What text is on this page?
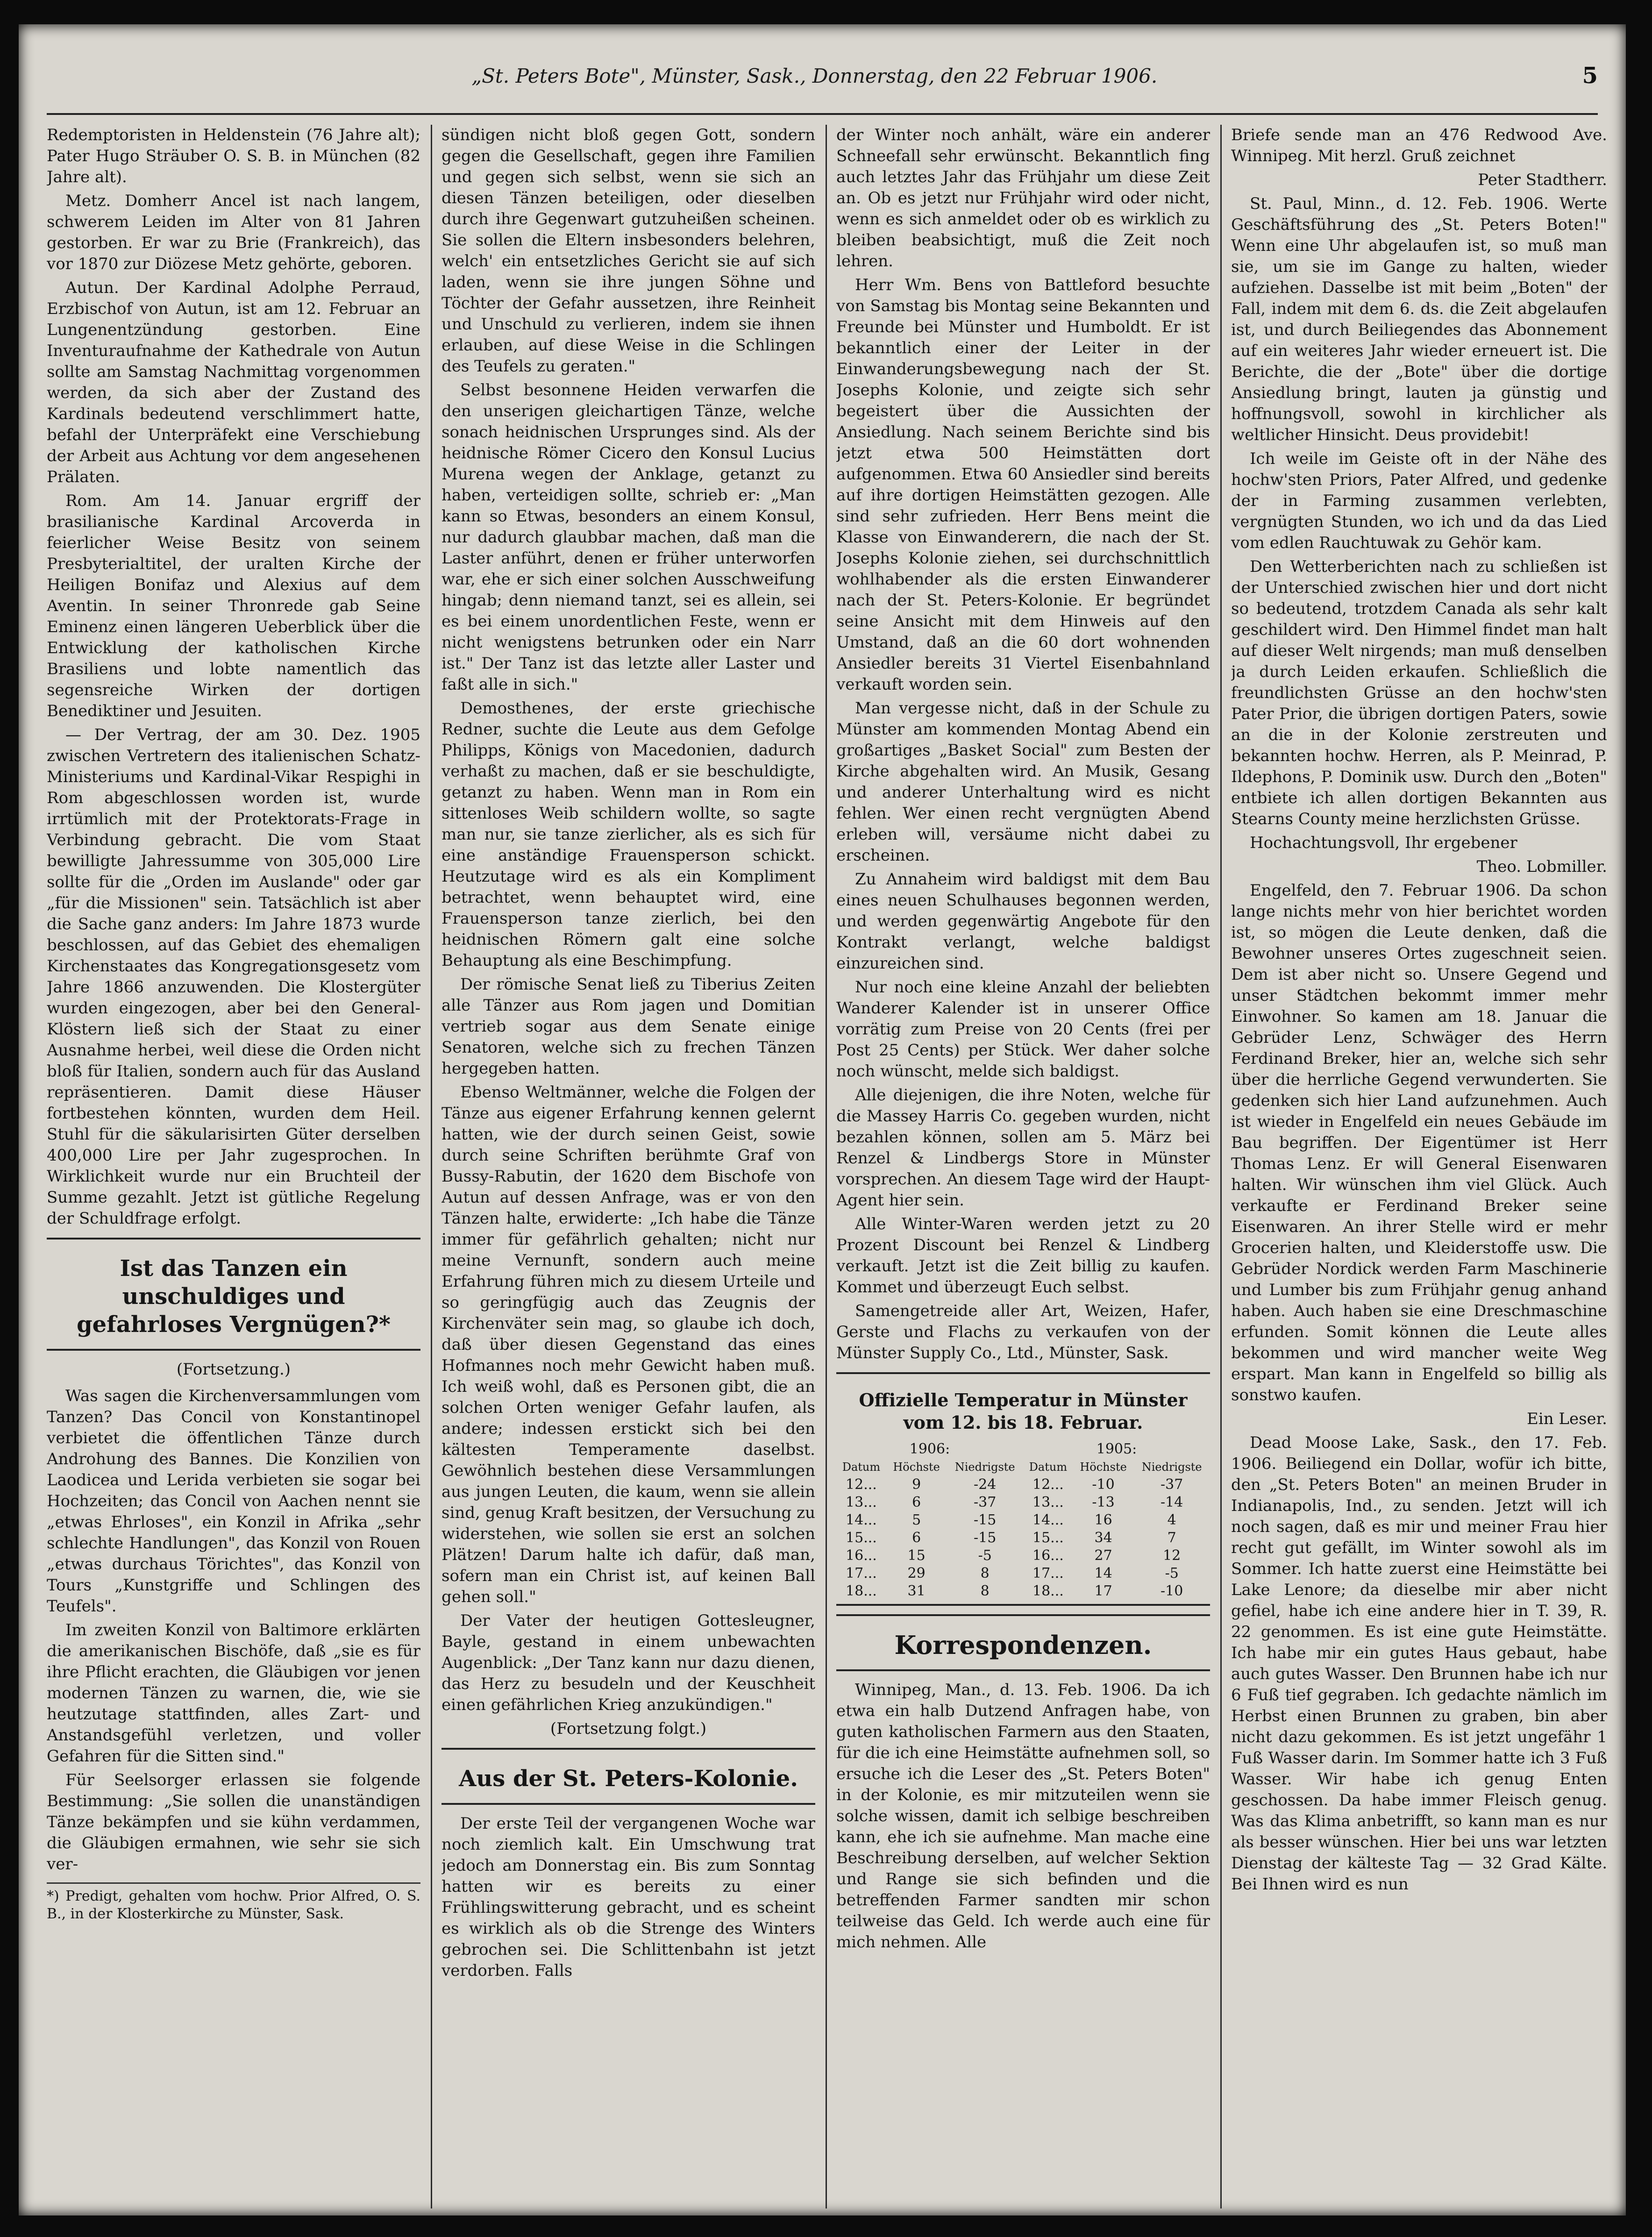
„St. Peters Bote", Münster, Sask., Donnerstag, den 22 Februar 1906.	5

Redemptoristen in Heldenstein (76 Jahre alt); Pater Hugo Sträuber O. S. B. in München (82 Jahre alt).

Metz. Domherr Ancel ist nach langem, schwerem Leiden im Alter von 81 Jahren gestorben. Er war zu Brie (Frankreich), das vor 1870 zur Diözese Metz gehörte, geboren.

Autun. Der Kardinal Adolphe Perraud, Erzbischof von Autun, ist am 12. Februar an Lungenentzündung gestorben. Eine Inventuraufnahme der Kathedrale von Autun sollte am Samstag Nachmittag vorgenommen werden, da sich aber der Zustand des Kardinals bedeutend verschlimmert hatte, befahl der Unterpräfekt eine Verschiebung der Arbeit aus Achtung vor dem angesehenen Prälaten.

Rom. Am 14. Januar ergriff der brasilianische Kardinal Arcoverda in feierlicher Weise Besitz von seinem Presbyterialtitel, der uralten Kirche der Heiligen Bonifaz und Alexius auf dem Aventin. In seiner Thronrede gab Seine Eminenz einen längeren Ueberblick über die Entwicklung der katholischen Kirche Brasiliens und lobte namentlich das segensreiche Wirken der dortigen Benediktiner und Jesuiten.

— Der Vertrag, der am 30. Dez. 1905 zwischen Vertretern des italienischen Schatz-Ministeriums und Kardinal-Vikar Respighi in Rom abgeschlossen worden ist, wurde irrtümlich mit der Protektorats-Frage in Verbindung gebracht. Die vom Staat bewilligte Jahressumme von 305,000 Lire sollte für die „Orden im Auslande" oder gar „für die Missionen" sein. Tatsächlich ist aber die Sache ganz anders: Im Jahre 1873 wurde beschlossen, auf das Gebiet des ehemaligen Kirchenstaates das Kongregationsgesetz vom Jahre 1866 anzuwenden. Die Klostergüter wurden eingezogen, aber bei den General-Klöstern ließ sich der Staat zu einer Ausnahme herbei, weil diese die Orden nicht bloß für Italien, sondern auch für das Ausland repräsentieren. Damit diese Häuser fortbestehen könnten, wurden dem Heil. Stuhl für die säkularisirten Güter derselben 400,000 Lire per Jahr zugesprochen. In Wirklichkeit wurde nur ein Bruchteil der Summe gezahlt. Jetzt ist gütliche Regelung der Schuldfrage erfolgt.

Ist das Tanzen ein unschuldiges und gefahrloses Vergnügen?*

(Fortsetzung.)

Was sagen die Kirchenversammlungen vom Tanzen? Das Concil von Konstantinopel verbietet die öffentlichen Tänze durch Androhung des Bannes. Die Konzilien von Laodicea und Lerida verbieten sie sogar bei Hochzeiten; das Concil von Aachen nennt sie „etwas Ehrloses", ein Konzil in Afrika „sehr schlechte Handlungen", das Konzil von Rouen „etwas durchaus Törichtes", das Konzil von Tours „Kunstgriffe und Schlingen des Teufels".

Im zweiten Konzil von Baltimore erklärten die amerikanischen Bischöfe, daß „sie es für ihre Pflicht erachten, die Gläubigen vor jenen modernen Tänzen zu warnen, die, wie sie heutzutage stattfinden, alles Zart- und Anstandsgefühl verletzen, und voller Gefahren für die Sitten sind."

Für Seelsorger erlassen sie folgende Bestimmung: „Sie sollen die unanständigen Tänze bekämpfen und sie kühn verdammen, die Gläubigen ermahnen, wie sehr sie sich ver-

*) Predigt, gehalten vom hochw. Prior Alfred, O. S. B., in der Klosterkirche zu Münster, Sask.

sündigen nicht bloß gegen Gott, sondern gegen die Gesellschaft, gegen ihre Familien und gegen sich selbst, wenn sie sich an diesen Tänzen beteiligen, oder dieselben durch ihre Gegenwart gutzuheißen scheinen. Sie sollen die Eltern insbesonders belehren, welch' ein entsetzliches Gericht sie auf sich laden, wenn sie ihre jungen Söhne und Töchter der Gefahr aussetzen, ihre Reinheit und Unschuld zu verlieren, indem sie ihnen erlauben, auf diese Weise in die Schlingen des Teufels zu geraten."

Selbst besonnene Heiden verwarfen die den unserigen gleichartigen Tänze, welche sonach heidnischen Ursprunges sind. Als der heidnische Römer Cicero den Konsul Lucius Murena wegen der Anklage, getanzt zu haben, verteidigen sollte, schrieb er: „Man kann so Etwas, besonders an einem Konsul, nur dadurch glaubbar machen, daß man die Laster anführt, denen er früher unterworfen war, ehe er sich einer solchen Ausschweifung hingab; denn niemand tanzt, sei es allein, sei es bei einem unordentlichen Feste, wenn er nicht wenigstens betrunken oder ein Narr ist." Der Tanz ist das letzte aller Laster und faßt alle in sich."

Demosthenes, der erste griechische Redner, suchte die Leute aus dem Gefolge Philipps, Königs von Macedonien, dadurch verhaßt zu machen, daß er sie beschuldigte, getanzt zu haben. Wenn man in Rom ein sittenloses Weib schildern wollte, so sagte man nur, sie tanze zierlicher, als es sich für eine anständige Frauensperson schickt. Heutzutage wird es als ein Kompliment betrachtet, wenn behauptet wird, eine Frauensperson tanze zierlich, bei den heidnischen Römern galt eine solche Behauptung als eine Beschimpfung.

Der römische Senat ließ zu Tiberius Zeiten alle Tänzer aus Rom jagen und Domitian vertrieb sogar aus dem Senate einige Senatoren, welche sich zu frechen Tänzen hergegeben hatten.

Ebenso Weltmänner, welche die Folgen der Tänze aus eigener Erfahrung kennen gelernt hatten, wie der durch seinen Geist, sowie durch seine Schriften berühmte Graf von Bussy-Rabutin, der 1620 dem Bischofe von Autun auf dessen Anfrage, was er von den Tänzen halte, erwiderte: „Ich habe die Tänze immer für gefährlich gehalten; nicht nur meine Vernunft, sondern auch meine Erfahrung führen mich zu diesem Urteile und so geringfügig auch das Zeugnis der Kirchenväter sein mag, so glaube ich doch, daß über diesen Gegenstand das eines Hofmannes noch mehr Gewicht haben muß. Ich weiß wohl, daß es Personen gibt, die an solchen Orten weniger Gefahr laufen, als andere; indessen erstickt sich bei den kältesten Temperamente daselbst. Gewöhnlich bestehen diese Versammlungen aus jungen Leuten, die kaum, wenn sie allein sind, genug Kraft besitzen, der Versuchung zu widerstehen, wie sollen sie erst an solchen Plätzen! Darum halte ich dafür, daß man, sofern man ein Christ ist, auf keinen Ball gehen soll."

Der Vater der heutigen Gottesleugner, Bayle, gestand in einem unbewachten Augenblick: „Der Tanz kann nur dazu dienen, das Herz zu besudeln und der Keuschheit einen gefährlichen Krieg anzukündigen."

(Fortsetzung folgt.)

Aus der St. Peters-Kolonie.

Der erste Teil der vergangenen Woche war noch ziemlich kalt. Ein Umschwung trat jedoch am Donnerstag ein. Bis zum Sonntag hatten wir es bereits zu einer Frühlingswitterung gebracht, und es scheint es wirklich als ob die Strenge des Winters gebrochen sei. Die Schlittenbahn ist jetzt verdorben. Falls

der Winter noch anhält, wäre ein anderer Schneefall sehr erwünscht. Bekanntlich fing auch letztes Jahr das Frühjahr um diese Zeit an. Ob es jetzt nur Frühjahr wird oder nicht, wenn es sich anmeldet oder ob es wirklich zu bleiben beabsichtigt, muß die Zeit noch lehren.

Herr Wm. Bens von Battleford besuchte von Samstag bis Montag seine Bekannten und Freunde bei Münster und Humboldt. Er ist bekanntlich einer der Leiter in der Einwanderungsbewegung nach der St. Josephs Kolonie, und zeigte sich sehr begeistert über die Aussichten der Ansiedlung. Nach seinem Berichte sind bis jetzt etwa 500 Heimstätten dort aufgenommen. Etwa 60 Ansiedler sind bereits auf ihre dortigen Heimstätten gezogen. Alle sind sehr zufrieden. Herr Bens meint die Klasse von Einwanderern, die nach der St. Josephs Kolonie ziehen, sei durchschnittlich wohlhabender als die ersten Einwanderer nach der St. Peters-Kolonie. Er begründet seine Ansicht mit dem Hinweis auf den Umstand, daß an die 60 dort wohnenden Ansiedler bereits 31 Viertel Eisenbahnland verkauft worden sein.

Man vergesse nicht, daß in der Schule zu Münster am kommenden Montag Abend ein großartiges „Basket Social" zum Besten der Kirche abgehalten wird. An Musik, Gesang und anderer Unterhaltung wird es nicht fehlen. Wer einen recht vergnügten Abend erleben will, versäume nicht dabei zu erscheinen.

Zu Annaheim wird baldigst mit dem Bau eines neuen Schulhauses begonnen werden, und werden gegenwärtig Angebote für den Kontrakt verlangt, welche baldigst einzureichen sind.

Nur noch eine kleine Anzahl der beliebten Wanderer Kalender ist in unserer Office vorrätig zum Preise von 20 Cents (frei per Post 25 Cents) per Stück. Wer daher solche noch wünscht, melde sich baldigst.

Alle diejenigen, die ihre Noten, welche für die Massey Harris Co. gegeben wurden, nicht bezahlen können, sollen am 5. März bei Renzel & Lindbergs Store in Münster vorsprechen. An diesem Tage wird der Haupt-Agent hier sein.

Alle Winter-Waren werden jetzt zu 20 Prozent Discount bei Renzel & Lindberg verkauft. Jetzt ist die Zeit billig zu kaufen. Kommet und überzeugt Euch selbst.

Samengetreide aller Art, Weizen, Hafer, Gerste und Flachs zu verkaufen von der Münster Supply Co., Ltd., Münster, Sask.

Offizielle Temperatur in Münster vom 12. bis 18. Februar.
1906:			1905:		
Datum	Höchste	Niedrigste	Datum	Höchste	Niedrigste
12...	9	-24	12...	-10	-37
13...	6	-37	13...	-13	-14
14...	5	-15	14...	16	4
15...	6	-15	15...	34	7
16...	15	-5	16...	27	12
17...	29	8	17...	14	-5
18...	31	8	18...	17	-10
Korrespondenzen.

Winnipeg, Man., d. 13. Feb. 1906. Da ich etwa ein halb Dutzend Anfragen habe, von guten katholischen Farmern aus den Staaten, für die ich eine Heimstätte aufnehmen soll, so ersuche ich die Leser des „St. Peters Boten" in der Kolonie, es mir mitzuteilen wenn sie solche wissen, damit ich selbige beschreiben kann, ehe ich sie aufnehme. Man mache eine Beschreibung derselben, auf welcher Sektion und Range sie sich befinden und die betreffenden Farmer sandten mir schon teilweise das Geld. Ich werde auch eine für mich nehmen. Alle

Briefe sende man an 476 Redwood Ave. Winnipeg. Mit herzl. Gruß zeichnet

Peter Stadtherr.

St. Paul, Minn., d. 12. Feb. 1906. Werte Geschäftsführung des „St. Peters Boten!" Wenn eine Uhr abgelaufen ist, so muß man sie, um sie im Gange zu halten, wieder aufziehen. Dasselbe ist mit beim „Boten" der Fall, indem mit dem 6. ds. die Zeit abgelaufen ist, und durch Beiliegendes das Abonnement auf ein weiteres Jahr wieder erneuert ist. Die Berichte, die der „Bote" über die dortige Ansiedlung bringt, lauten ja günstig und hoffnungsvoll, sowohl in kirchlicher als weltlicher Hinsicht. Deus providebit!

Ich weile im Geiste oft in der Nähe des hochw'sten Priors, Pater Alfred, und gedenke der in Farming zusammen verlebten, vergnügten Stunden, wo ich und da das Lied vom edlen Rauchtuwak zu Gehör kam.

Den Wetterberichten nach zu schließen ist der Unterschied zwischen hier und dort nicht so bedeutend, trotzdem Canada als sehr kalt geschildert wird. Den Himmel findet man halt auf dieser Welt nirgends; man muß denselben ja durch Leiden erkaufen. Schließlich die freundlichsten Grüsse an den hochw'sten Pater Prior, die übrigen dortigen Paters, sowie an die in der Kolonie zerstreuten und bekannten hochw. Herren, als P. Meinrad, P. Ildephons, P. Dominik usw. Durch den „Boten" entbiete ich allen dortigen Bekannten aus Stearns County meine herzlichsten Grüsse.

Hochachtungsvoll, Ihr ergebener

Theo. Lobmiller.

Engelfeld, den 7. Februar 1906. Da schon lange nichts mehr von hier berichtet worden ist, so mögen die Leute denken, daß die Bewohner unseres Ortes zugeschneit seien. Dem ist aber nicht so. Unsere Gegend und unser Städtchen bekommt immer mehr Einwohner. So kamen am 18. Januar die Gebrüder Lenz, Schwäger des Herrn Ferdinand Breker, hier an, welche sich sehr über die herrliche Gegend verwunderten. Sie gedenken sich hier Land aufzunehmen. Auch ist wieder in Engelfeld ein neues Gebäude im Bau begriffen. Der Eigentümer ist Herr Thomas Lenz. Er will General Eisenwaren halten. Wir wünschen ihm viel Glück. Auch verkaufte er Ferdinand Breker seine Eisenwaren. An ihrer Stelle wird er mehr Grocerien halten, und Kleiderstoffe usw. Die Gebrüder Nordick werden Farm Maschinerie und Lumber bis zum Frühjahr genug anhand haben. Auch haben sie eine Dreschmaschine erfunden. Somit können die Leute alles bekommen und wird mancher weite Weg erspart. Man kann in Engelfeld so billig als sonstwo kaufen.

Ein Leser.

Dead Moose Lake, Sask., den 17. Feb. 1906. Beiliegend ein Dollar, wofür ich bitte, den „St. Peters Boten" an meinen Bruder in Indianapolis, Ind., zu senden. Jetzt will ich noch sagen, daß es mir und meiner Frau hier recht gut gefällt, im Winter sowohl als im Sommer. Ich hatte zuerst eine Heimstätte bei Lake Lenore; da dieselbe mir aber nicht gefiel, habe ich eine andere hier in T. 39, R. 22 genommen. Es ist eine gute Heimstätte. Ich habe mir ein gutes Haus gebaut, habe auch gutes Wasser. Den Brunnen habe ich nur 6 Fuß tief gegraben. Ich gedachte nämlich im Herbst einen Brunnen zu graben, bin aber nicht dazu gekommen. Es ist jetzt ungefähr 1 Fuß Wasser darin. Im Sommer hatte ich 3 Fuß Wasser. Wir habe ich genug Enten geschossen. Da habe immer Fleisch genug. Was das Klima anbetrifft, so kann man es nur als besser wünschen. Hier bei uns war letzten Dienstag der kälteste Tag — 32 Grad Kälte. Bei Ihnen wird es nun
